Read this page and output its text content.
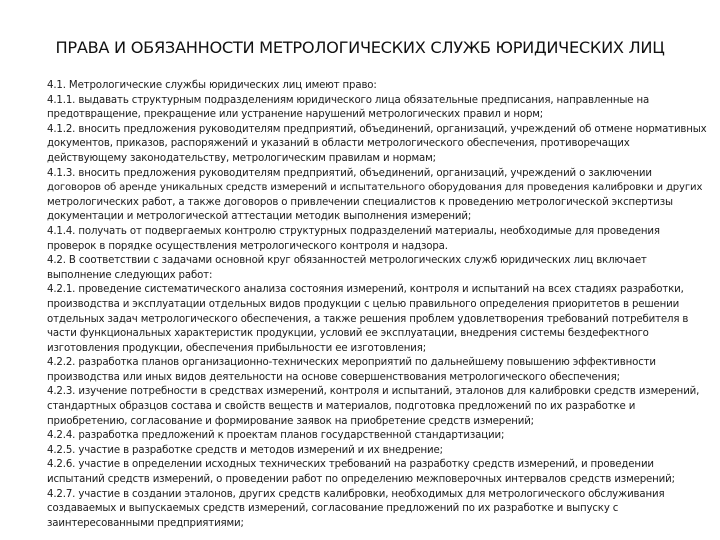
ПРАВА И ОБЯЗАННОСТИ МЕТРОЛОГИЧЕСКИХ СЛУЖБ ЮРИДИЧЕСКИХ ЛИЦ
4.1. Метрологические службы юридических лиц имеют право:
4.1.1. выдавать структурным подразделениям юридического лица обязательные предписания, направленные на
предотвращение, прекращение или устранение нарушений метрологических правил и норм;
4.1.2. вносить предложения руководителям предприятий, объединений, организаций, учреждений об отмене нормативных
документов, приказов, распоряжений и указаний в области метрологического обеспечения, противоречащих
действующему законодательству, метрологическим правилам и нормам;
4.1.3. вносить предложения руководителям предприятий, объединений, организаций, учреждений о заключении
договоров об аренде уникальных средств измерений и испытательного оборудования для проведения калибровки и других
метрологических работ, а также договоров о привлечении специалистов к проведению метрологической экспертизы
документации и метрологической аттестации методик выполнения измерений;
4.1.4. получать от подвергаемых контролю структурных подразделений материалы, необходимые для проведения
проверок в порядке осуществления метрологического контроля и надзора.
4.2. В соответствии с задачами основной круг обязанностей метрологических служб юридических лиц включает
выполнение следующих работ:
4.2.1. проведение систематического анализа состояния измерений, контроля и испытаний на всех стадиях разработки,
производства и эксплуатации отдельных видов продукции с целью правильного определения приоритетов в решении
отдельных задач метрологического обеспечения, а также решения проблем удовлетворения требований потребителя в
части функциональных характеристик продукции, условий ее эксплуатации, внедрения системы бездефектного
изготовления продукции, обеспечения прибыльности ее изготовления;
4.2.2. разработка планов организационно-технических мероприятий по дальнейшему повышению эффективности
производства или иных видов деятельности на основе совершенствования метрологического обеспечения;
4.2.3. изучение потребности в средствах измерений, контроля и испытаний, эталонов для калибровки средств измерений,
стандартных образцов состава и свойств веществ и материалов, подготовка предложений по их разработке и
приобретению, согласование и формирование заявок на приобретение средств измерений;
4.2.4. разработка предложений к проектам планов государственной стандартизации;
4.2.5. участие в разработке средств и методов измерений и их внедрение;
4.2.6. участие в определении исходных технических требований на разработку средств измерений, и проведении
испытаний средств измерений, о проведении работ по определению межповерочных интервалов средств измерений;
4.2.7. участие в создании эталонов, других средств калибровки, необходимых для метрологического обслуживания
создаваемых и выпускаемых средств измерений, согласование предложений по их разработке и выпуску с
заинтересованными предприятиями;
